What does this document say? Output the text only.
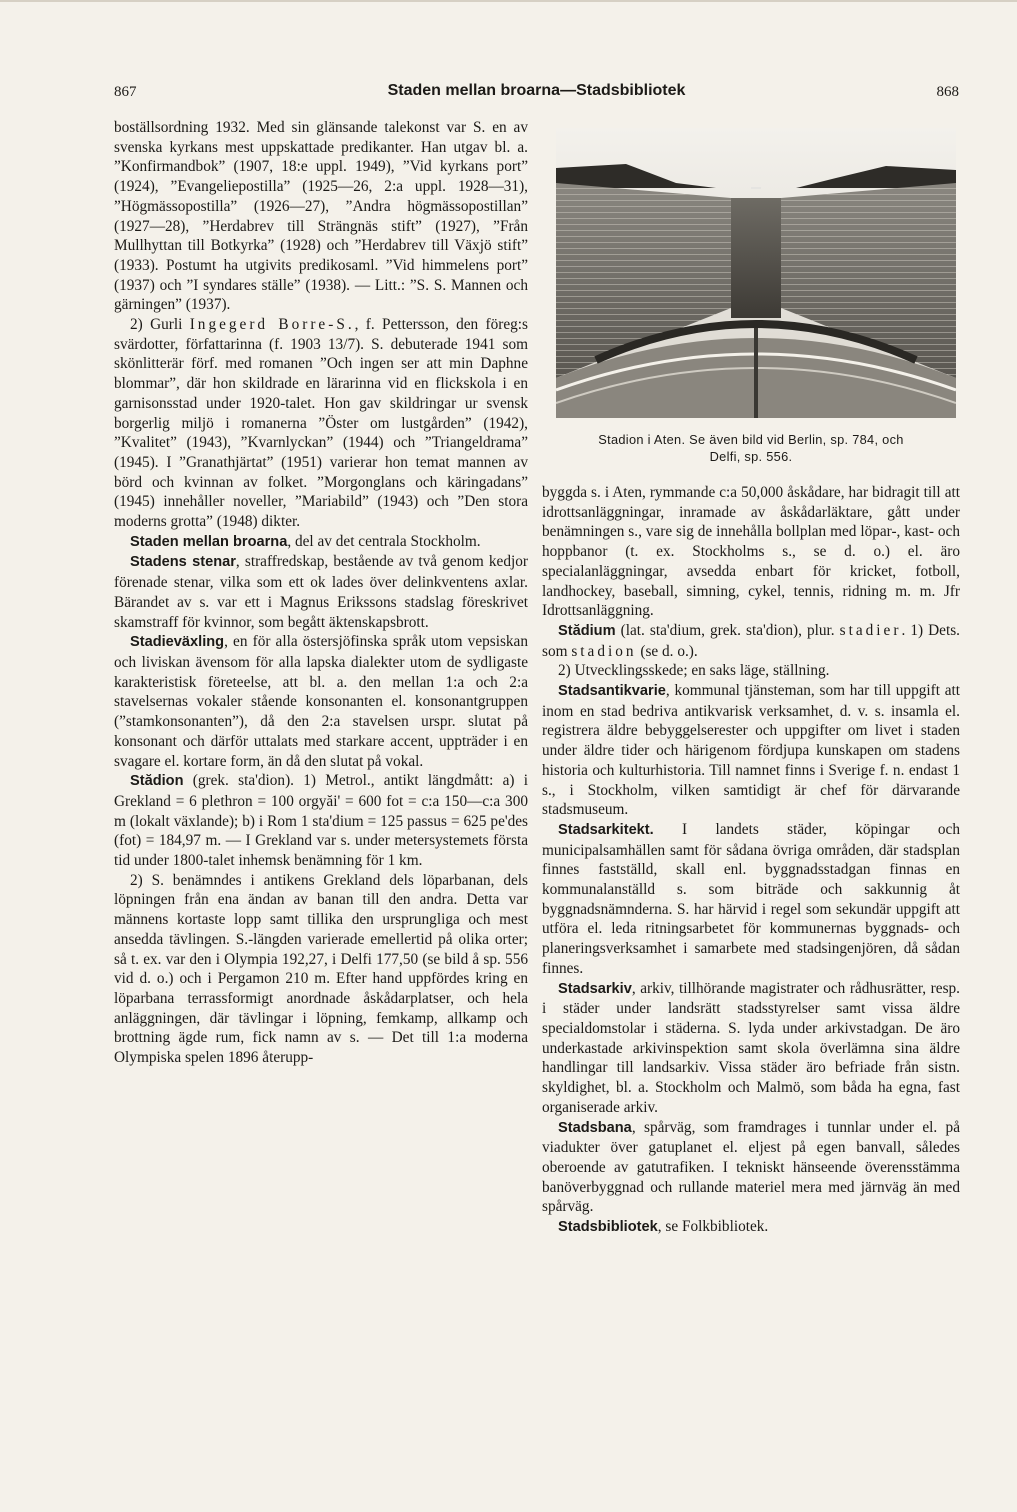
867	Staden mellan broarna—Stadsbibliotek	868

boställsordning 1932. Med sin glänsande talekonst var S. en av svenska kyrkans mest uppskattade predikanter. Han utgav bl. a. ”Konfirmandbok” (1907, 18:e uppl. 1949), ”Vid kyrkans port” (1924), ”Evangeliepostilla” (1925—26, 2:a uppl. 1928—31), ”Högmässopostilla” (1926—27), ”Andra högmässopostillan” (1927—28), ”Herdabrev till Strängnäs stift” (1927), ”Från Mullhyttan till Botkyrka” (1928) och ”Herdabrev till Växjö stift” (1933). Postumt ha utgivits predikosaml. ”Vid himmelens port” (1937) och ”I syndares ställe” (1938). — Litt.: ”S. S. Mannen och gärningen” (1937).

2) Gurli Ingegerd Borre-S., f. Pettersson, den föreg:s svärdotter, författarinna (f. 1903 13/7). S. debuterade 1941 som skönlitterär förf. med romanen ”Och ingen ser att min Daphne blommar”, där hon skildrade en lärarinna vid en flickskola i en garnisonsstad under 1920-talet. Hon gav skildringar ur svensk borgerlig miljö i romanerna ”Öster om lustgården” (1942), ”Kvalitet” (1943), ”Kvarnlyckan” (1944) och ”Triangeldrama” (1945). I ”Granathjärtat” (1951) varierar hon temat mannen av börd och kvinnan av folket. ”Morgonglans och käringadans” (1945) innehåller noveller, ”Mariabild” (1943) och ”Den stora moderns grotta” (1948) dikter.

Staden mellan broarna, del av det centrala Stockholm.

Stadens stenar, straffredskap, bestående av två genom kedjor förenade stenar, vilka som ett ok lades över delinkventens axlar. Bärandet av s. var ett i Magnus Erikssons stadslag föreskrivet skamstraff för kvinnor, som begått äktenskapsbrott.

Stadieväxling, en för alla östersjöfinska språk utom vepsiskan och liviskan ävensom för alla lapska dialekter utom de sydligaste karakteristisk företeelse, att bl. a. den mellan 1:a och 2:a stavelsernas vokaler stående konsonanten el. konsonantgruppen (”stamkonsonanten”), då den 2:a stavelsen urspr. slutat på konsonant och därför uttalats med starkare accent, uppträder i en svagare el. kortare form, än då den slutat på vokal.

Stădion (grek. sta'dion). 1) Metrol., antikt längdmått: a) i Grekland = 6 plethron = 100 orgyăi' = 600 fot = c:a 150—c:a 300 m (lokalt växlande); b) i Rom 1 sta'dium = 125 passus = 625 pe'des (fot) = 184,97 m. — I Grekland var s. under metersystemets första tid under 1800-talet inhemsk benämning för 1 km.

2) S. benämndes i antikens Grekland dels löparbanan, dels löpningen från ena ändan av banan till den andra. Detta var männens kortaste lopp samt tillika den ursprungliga och mest ansedda tävlingen. S.-längden varierade emellertid på olika orter; så t. ex. var den i Olympia 192,27, i Delfi 177,50 (se bild å sp. 556 vid d. o.) och i Pergamon 210 m. Efter hand uppfördes kring en löparbana terrassformigt anordnade åskådarplatser, och hela anläggningen, där tävlingar i löpning, femkamp, allkamp och brottning ägde rum, fick namn av s. — Det till 1:a moderna Olympiska spelen 1896 återupp-

Stadion i Aten. Se även bild vid Berlin, sp. 784, och
Delfi, sp. 556.

byggda s. i Aten, rymmande c:a 50,000 åskådare, har bidragit till att idrottsanläggningar, inramade av åskådarläktare, gått under benämningen s., vare sig de innehålla bollplan med löpar-, kast- och hoppbanor (t. ex. Stockholms s., se d. o.) el. äro specialanläggningar, avsedda enbart för kricket, fotboll, landhockey, baseball, simning, cykel, tennis, ridning m. m. Jfr Idrottsanläggning.

Stădium (lat. sta'dium, grek. sta'dion), plur. stadier. 1) Dets. som stadion (se d. o.).

2) Utvecklingsskede; en saks läge, ställning.

Stadsantikvarie, kommunal tjänsteman, som har till uppgift att inom en stad bedriva antikvarisk verksamhet, d. v. s. insamla el. registrera äldre bebyggelserester och uppgifter om livet i staden under äldre tider och härigenom fördjupa kunskapen om stadens historia och kulturhistoria. Till namnet finns i Sverige f. n. endast 1 s., i Stockholm, vilken samtidigt är chef för därvarande stadsmuseum.

Stadsarkitekt. I landets städer, köpingar och municipalsamhällen samt för sådana övriga områden, där stadsplan finnes fastställd, skall enl. byggnadsstadgan finnas en kommunalanställd s. som biträde och sakkunnig åt byggnadsnämnderna. S. har härvid i regel som sekundär uppgift att utföra el. leda ritningsarbetet för kommunernas byggnads- och planeringsverksamhet i samarbete med stadsingenjören, då sådan finnes.

Stadsarkiv, arkiv, tillhörande magistrater och rådhusrätter, resp. i städer under landsrätt stadsstyrelser samt vissa äldre specialdomstolar i städerna. S. lyda under arkivstadgan. De äro underkastade arkivinspektion samt skola överlämna sina äldre handlingar till landsarkiv. Vissa städer äro befriade från sistn. skyldighet, bl. a. Stockholm och Malmö, som båda ha egna, fast organiserade arkiv.

Stadsbana, spårväg, som framdrages i tunnlar under el. på viadukter över gatuplanet el. eljest på egen banvall, således oberoende av gatutrafiken. I tekniskt hänseende överensstämma banöverbyggnad och rullande materiel mera med järnväg än med spårväg.

Stadsbibliotek, se Folkbibliotek.
